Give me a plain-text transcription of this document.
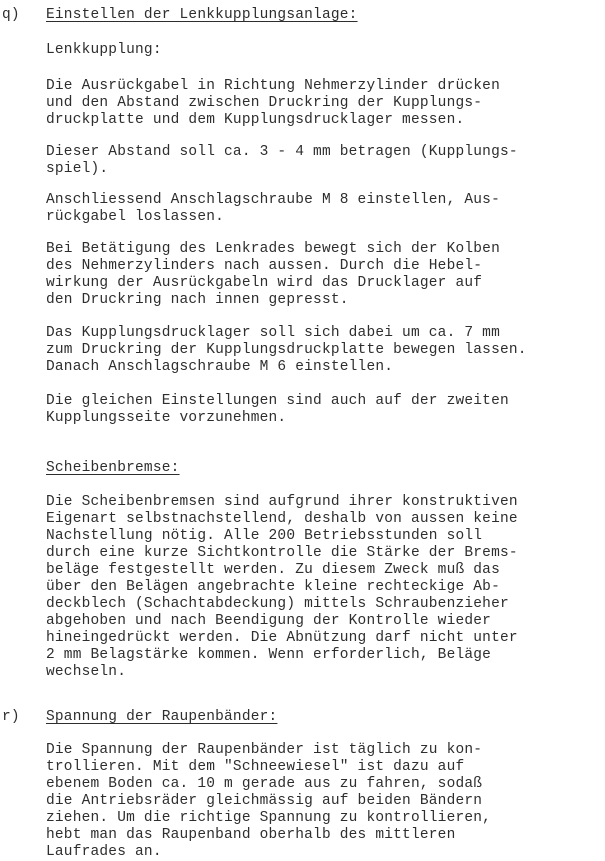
q) Einstellen der Lenkkupplungsanlage:
Lenkkupplung:
Die Ausrückgabel in Richtung Nehmerzylinder drücken
und den Abstand zwischen Druckring der Kupplungs-
druckplatte und dem Kupplungsdrucklager messen.
Dieser Abstand soll ca. 3 - 4 mm betragen (Kupplungs-
spiel).
Anschliessend Anschlagschraube M 8 einstellen, Aus-
rückgabel loslassen.
Bei Betätigung des Lenkrades bewegt sich der Kolben
des Nehmerzylinders nach aussen. Durch die Hebel-
wirkung der Ausrückgabeln wird das Drucklager auf
den Druckring nach innen gepresst.
Das Kupplungsdrucklager soll sich dabei um ca. 7 mm
zum Druckring der Kupplungsdruckplatte bewegen lassen.
Danach Anschlagschraube M 6 einstellen.
Die gleichen Einstellungen sind auch auf der zweiten
Kupplungsseite vorzunehmen.
Scheibenbremse:
Die Scheibenbremsen sind aufgrund ihrer konstruktiven
Eigenart selbstnachstellend, deshalb von aussen keine
Nachstellung nötig. Alle 200 Betriebsstunden soll
durch eine kurze Sichtkontrolle die Stärke der Brems-
beläge festgestellt werden. Zu diesem Zweck muß das
über den Belägen angebrachte kleine rechteckige Ab-
deckblech (Schachtabdeckung) mittels Schraubenzieher
abgehoben und nach Beendigung der Kontrolle wieder
hineingedrückt werden. Die Abnützung darf nicht unter
2 mm Belagstärke kommen. Wenn erforderlich, Beläge
wechseln.
r) Spannung der Raupenbänder:
Die Spannung der Raupenbänder ist täglich zu kon-
trollieren. Mit dem "Schneewiesel" ist dazu auf
ebenem Boden ca. 10 m gerade aus zu fahren, sodaß
die Antriebsräder gleichmässig auf beiden Bändern
ziehen. Um die richtige Spannung zu kontrollieren,
hebt man das Raupenband oberhalb des mittleren
Laufrades an.
